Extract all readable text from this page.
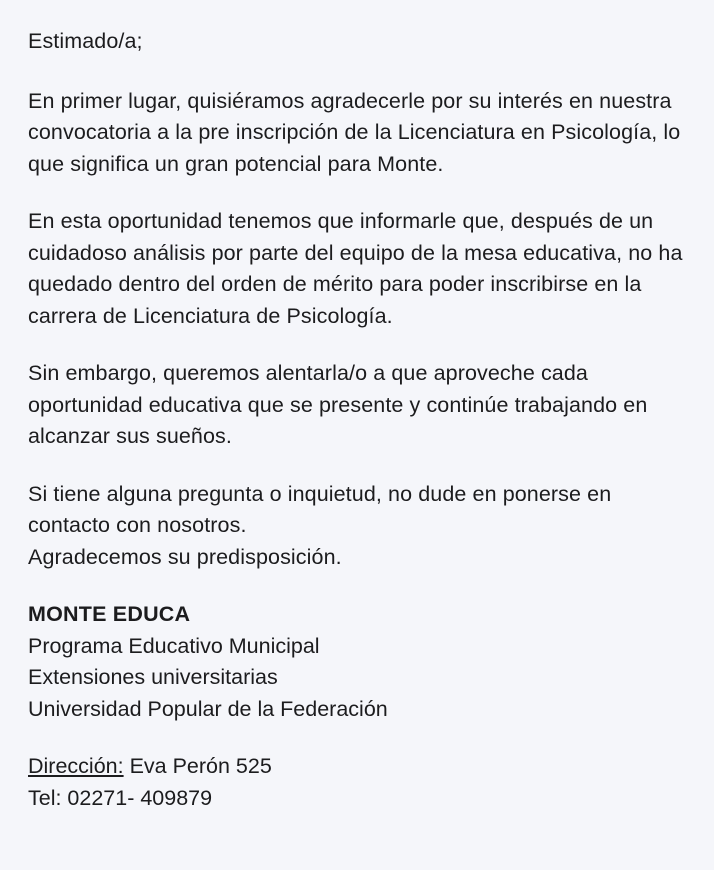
Estimado/a;

En primer lugar, quisiéramos agradecerle por su interés en nuestra convocatoria a la pre inscripción de la Licenciatura en Psicología, lo que significa un gran potencial para Monte.

En esta oportunidad tenemos que informarle que, después de un cuidadoso análisis por parte del equipo de la mesa educativa, no ha quedado dentro del orden de mérito para poder inscribirse en la carrera de Licenciatura de Psicología.

Sin embargo, queremos alentarla/o a que aproveche cada oportunidad educativa que se presente y continúe trabajando en alcanzar sus sueños.

Si tiene alguna pregunta o inquietud, no dude en ponerse en contacto con nosotros.
Agradecemos su predisposición.
MONTE EDUCA
Programa Educativo Municipal
Extensiones universitarias
Universidad Popular de la Federación
Dirección: Eva Perón 525
Tel: 02271- 409879
